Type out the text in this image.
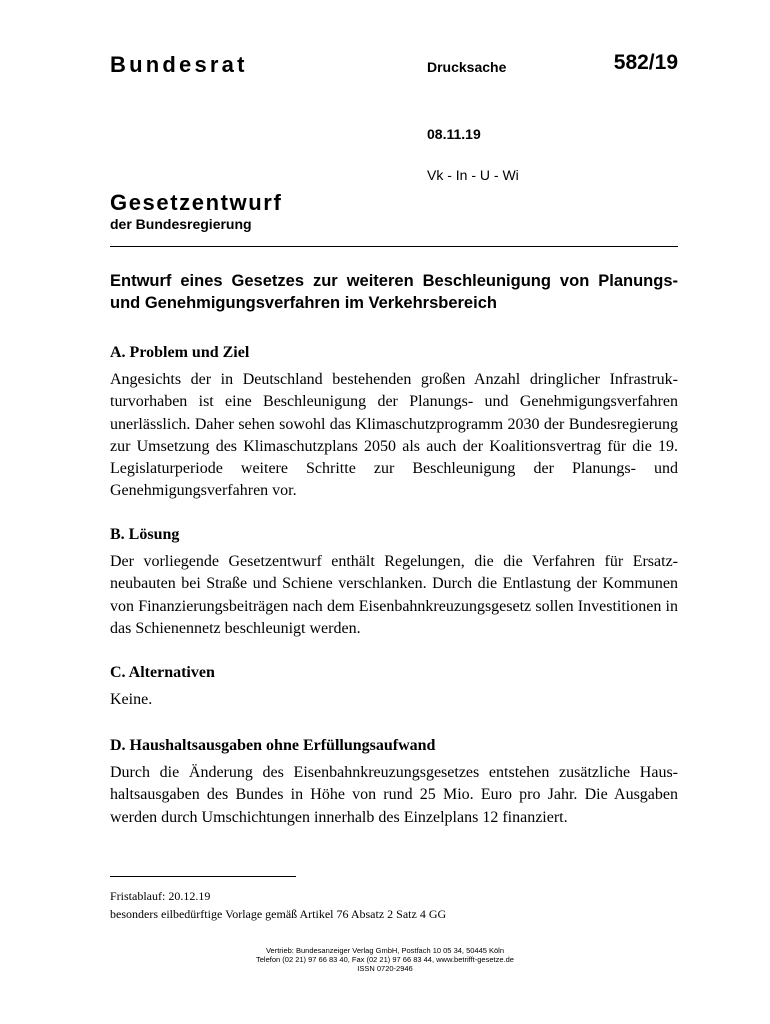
Bundesrat	Drucksache	582/19
08.11.19
Vk - In - U - Wi
Gesetzentwurf
der Bundesregierung
Entwurf eines Gesetzes zur weiteren Beschleunigung von Planungs- und Genehmigungsverfahren im Verkehrsbereich
A. Problem und Ziel
Angesichts der in Deutschland bestehenden großen Anzahl dringlicher Infrastrukturvorhaben ist eine Beschleunigung der Planungs- und Genehmigungsverfahren unerlässlich. Daher sehen sowohl das Klimaschutzprogramm 2030 der Bundesregierung zur Umsetzung des Klimaschutzplans 2050 als auch der Koalitionsvertrag für die 19. Legislaturperiode weitere Schritte zur Beschleunigung der Planungs- und Genehmigungsverfahren vor.
B. Lösung
Der vorliegende Gesetzentwurf enthält Regelungen, die die Verfahren für Ersatzneubauten bei Straße und Schiene verschlanken. Durch die Entlastung der Kommunen von Finanzierungsbeiträgen nach dem Eisenbahnkreuzungsgesetz sollen Investitionen in das Schienennetz beschleunigt werden.
C. Alternativen
Keine.
D. Haushaltsausgaben ohne Erfüllungsaufwand
Durch die Änderung des Eisenbahnkreuzungsgesetzes entstehen zusätzliche Haushaltsausgaben des Bundes in Höhe von rund 25 Mio. Euro pro Jahr. Die Ausgaben werden durch Umschichtungen innerhalb des Einzelplans 12 finanziert.
Fristablauf: 20.12.19
besonders eilbedürftige Vorlage gemäß Artikel 76 Absatz 2 Satz 4 GG
Vertrieb: Bundesanzeiger Verlag GmbH, Postfach 10 05 34, 50445 Köln
Telefon (02 21) 97 66 83 40, Fax (02 21) 97 66 83 44, www.betrifft-gesetze.de
ISSN 0720-2946
